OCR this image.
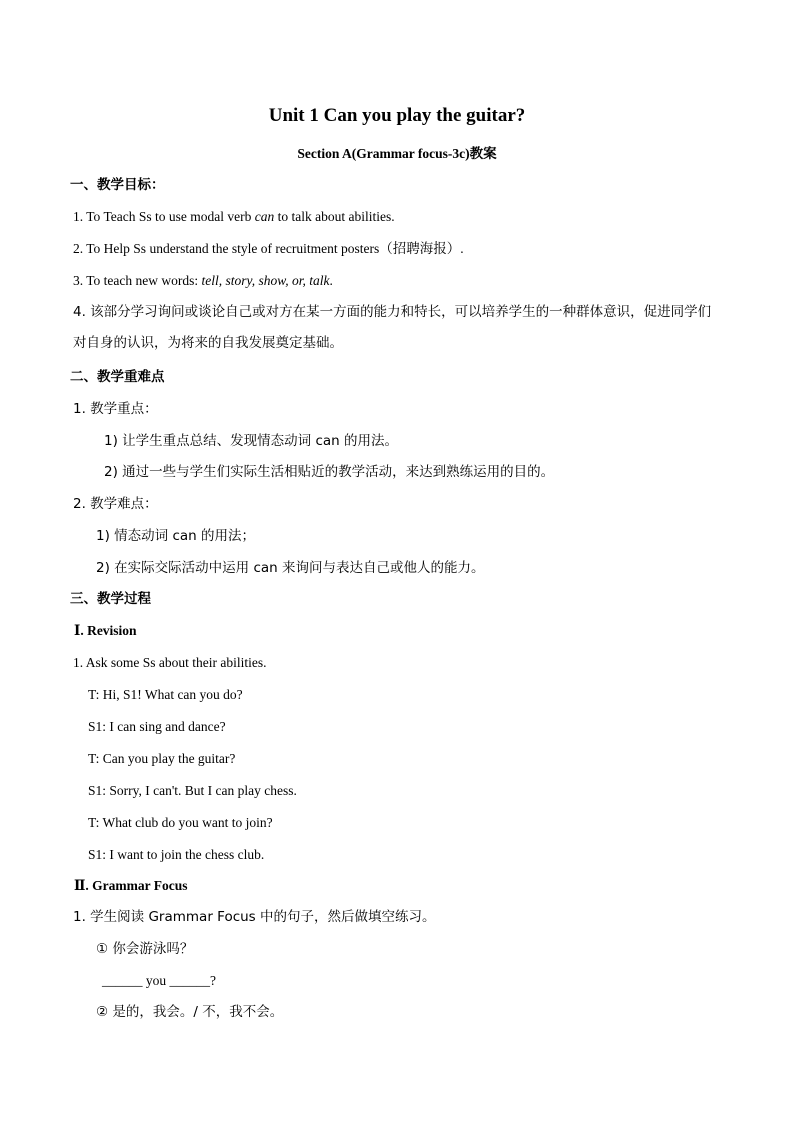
Unit 1 Can you play the guitar?
Section A(Grammar focus-3c)教案
一、教学目标：
1. To Teach Ss to use modal verb can to talk about abilities.
2. To Help Ss understand the style of recruitment posters（招聘海报）.
3. To teach new words: tell, story, show, or, talk.
4. 该部分学习询问或谈论自己或对方在某一方面的能力和特长，可以培养学生的一种群体意识，促进同学们对自身的认识，为将来的自我发展奠定基础。
二、教学重难点
1. 教学重点：
1) 让学生重点总结、发现情态动词 can 的用法。
2) 通过一些与学生们实际生活相贴近的教学活动，来达到熟练运用的目的。
2. 教学难点：
1) 情态动词 can 的用法；
2) 在实际交际活动中运用 can 来询问与表达自己或他人的能力。
三、教学过程
Ⅰ. Revision
1. Ask some Ss about their abilities.
T: Hi, S1! What can you do?
S1: I can sing and dance?
T: Can you play the guitar?
S1: Sorry, I can't. But I can play chess.
T: What club do you want to join?
S1: I want to join the chess club.
Ⅱ. Grammar Focus
1. 学生阅读 Grammar Focus 中的句子，然后做填空练习。
① 你会游泳吗？
______ you ______?
② 是的，我会。/ 不，我不会。
